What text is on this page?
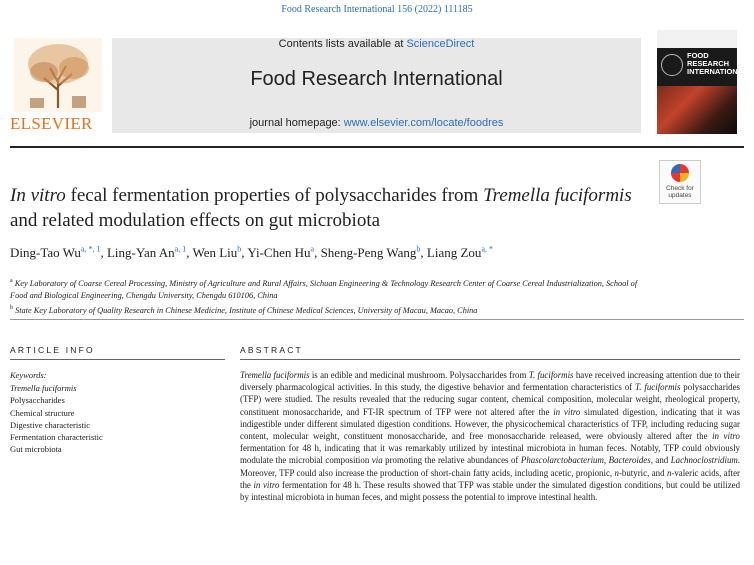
Food Research International 156 (2022) 111185
ELSEVIER
Contents lists available at ScienceDirect
Food Research International
journal homepage: www.elsevier.com/locate/foodres
FOOD RESEARCH INTERNATIONAL
Check for updates
In vitro fecal fermentation properties of polysaccharides from Tremella fuciformis and related modulation effects on gut microbiota
Ding-Tao $Wu^{a, *, 1}$, Ling-Yan An$^{a, 1}$, Wen Liu$^b$, Yi-Chen Hu$^a$, Sheng-Peng Wang$^b$, Liang Zou$^{a, *}$
$^a$ Key Laboratory of Coarse Cereal Processing, Ministry of Agriculture and Rural Affairs, Sichuan Engineering & Technology Research Center of Coarse Cereal Industrialization, School of Food and Biological Engineering, Chengdu University, Chengdu 610106, China
$^b$ State Key Laboratory of Quality Research in Chinese Medicine, Institute of Chinese Medical Sciences, University of Macau, Macao, China
ARTICLE INFO
Keywords:
Tremella fuciformis
Polysaccharides
Chemical structure
Digestive characteristic
Fermentation characteristic
Gut microbiota
ABSTRACT
Tremella fuciformis is an edible and medicinal mushroom. Polysaccharides from T. fuciformis have received increasing attention due to their diversely pharmacological activities. In this study, the digestive behavior and fermentation characteristics of T. fuciformis polysaccharides (TFP) were studied. The results revealed that the reducing sugar content, chemical composition, molecular weight, rheological property, constituent monosaccharide, and FT-IR spectrum of TFP were not altered after the in vitro simulated digestion, indicating that it was indigestible under different simulated digestion conditions. However, the physicochemical characteristics of TFP, including reducing sugar content, molecular weight, constituent monosaccharide, and free monosaccharide released, were obviously altered after the in vitro fermentation for 48 h, indicating that it was remarkably utilized by intestinal microbiota in human feces. Notably, TFP could obviously modulate the microbial composition via promoting the relative abundances of Phascolarctobacterium, Bacteroides, and Lachnoclostridium. Moreover, TFP could also increase the production of short-chain fatty acids, including acetic, propionic, n-butyric, and n-valeric acids, after the in vitro fermentation for 48 h. These results showed that TFP was stable under the simulated digestion conditions, but could be utilized by intestinal microbiota in human feces, and might possess the potential to improve intestinal health.
